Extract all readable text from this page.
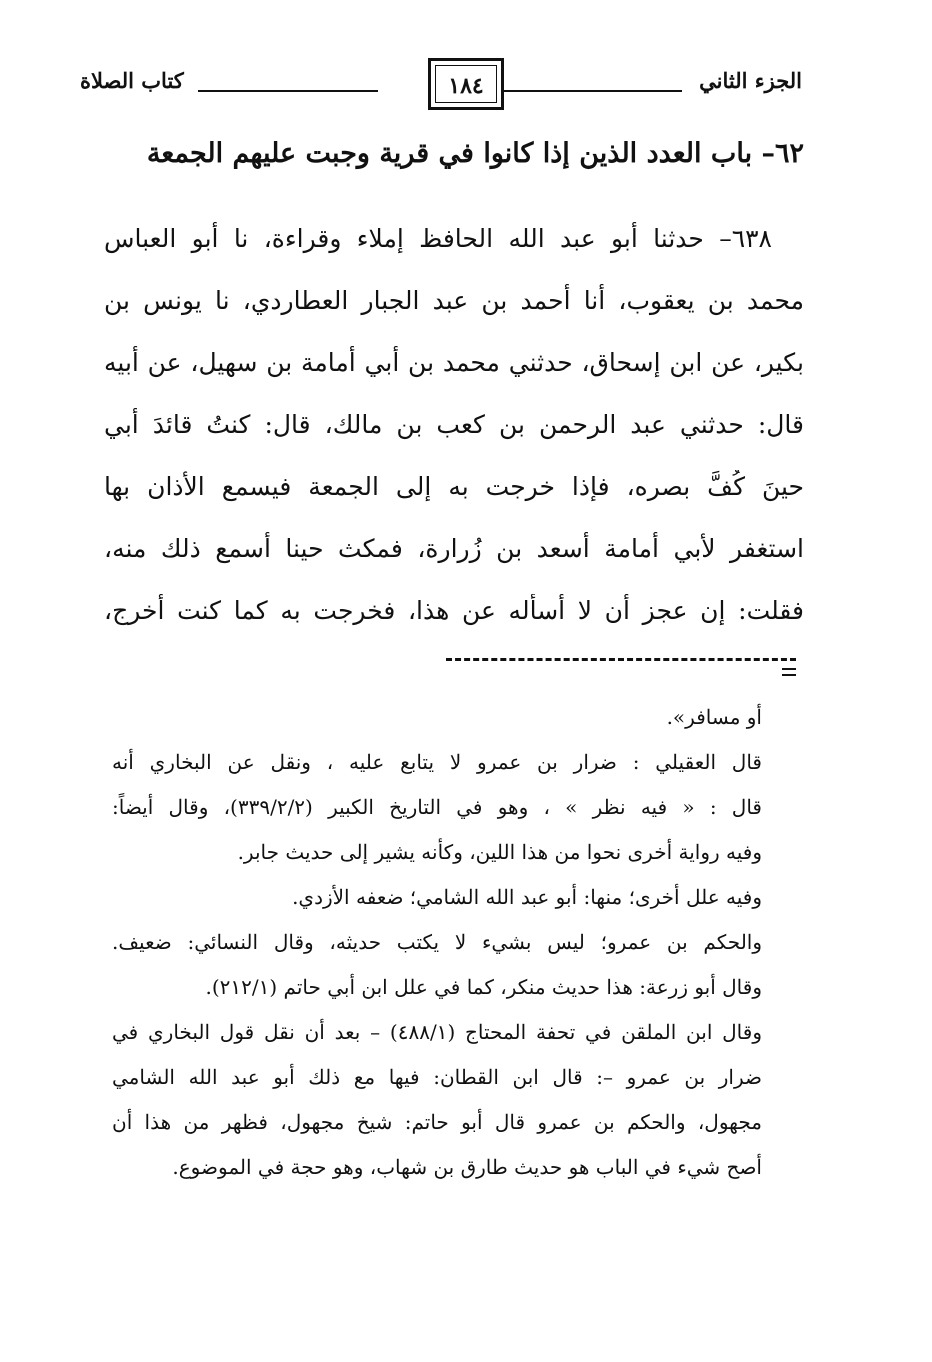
الجزء الثاني
١٨٤
كتاب الصلاة
٦٢– باب العدد الذين إذا كانوا في قرية وجبت عليهم الجمعة
٦٣٨– حدثنا أبو عبد الله الحافظ إملاء وقراءة، نا أبو العباس
محمد بن يعقوب، أنا أحمد بن عبد الجبار العطاردي، نا يونس بن
بكير، عن ابن إسحاق، حدثني محمد بن أبي أمامة بن سهيل، عن أبيه
قال: حدثني عبد الرحمن بن كعب بن مالك، قال: كنتُ قائدَ أبي
حينَ كُفَّ بصره، فإذا خرجت به إلى الجمعة فيسمع الأذان بها
استغفر لأبي أمامة أسعد بن زُرارة، فمكث حينا أسمع ذلك منه،
فقلت: إن عجز أن لا أسأله عن هذا، فخرجت به كما كنت أخرج،
أو مسافر».
قال العقيلي : ضرار بن عمرو لا يتابع عليه ، ونقل عن البخاري أنه
قال : « فيه نظر » ، وهو في التاريخ الكبير (٣٣٩/٢/٢)، وقال أيضاً:
وفيه رواية أخرى نحوا من هذا اللين، وكأنه يشير إلى حديث جابر.
وفيه علل أخرى؛ منها: أبو عبد الله الشامي؛ ضعفه الأزدي.
والحكم بن عمرو؛ ليس بشيء لا يكتب حديثه، وقال النسائي: ضعيف.
وقال أبو زرعة: هذا حديث منكر، كما في علل ابن أبي حاتم (٢١٢/١).
وقال ابن الملقن في تحفة المحتاج (٤٨٨/١) – بعد أن نقل قول البخاري في
ضرار بن عمرو –: قال ابن القطان: فيها مع ذلك أبو عبد الله الشامي
مجهول، والحكم بن عمرو قال أبو حاتم: شيخ مجهول، فظهر من هذا أن
أصح شيء في الباب هو حديث طارق بن شهاب، وهو حجة في الموضوع.
